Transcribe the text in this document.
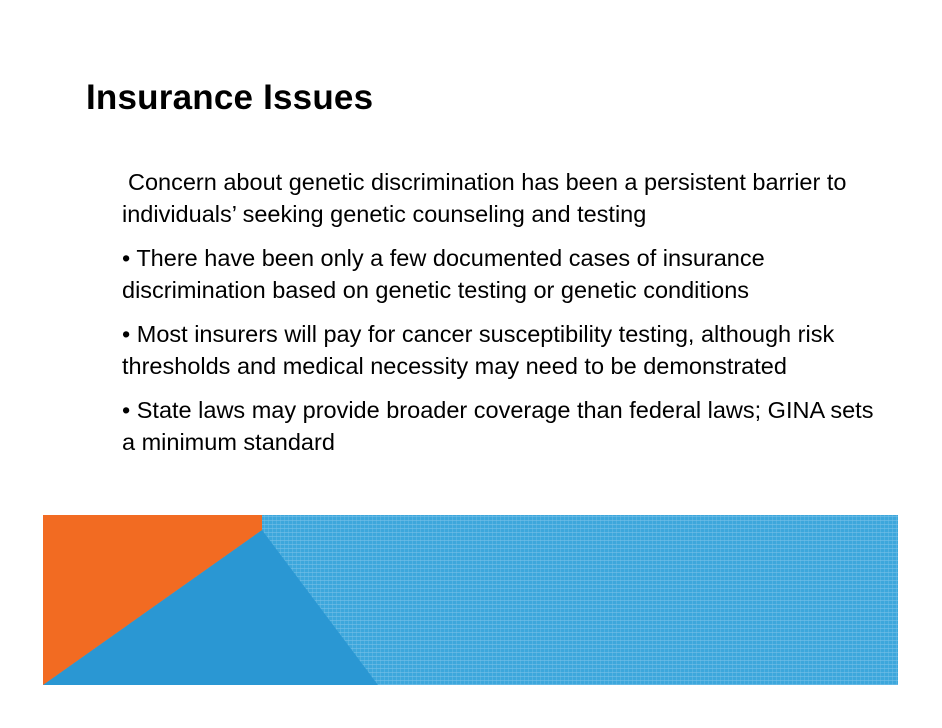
Insurance Issues

Concern about genetic discrimination has been a persistent barrier to individuals’ seeking genetic counseling and testing

• There have been only a few documented cases of insurance discrimination based on genetic testing or genetic conditions

• Most insurers will pay for cancer susceptibility testing, although risk thresholds and medical necessity may need to be demonstrated

• State laws may provide broader coverage than federal laws; GINA sets a minimum standard
